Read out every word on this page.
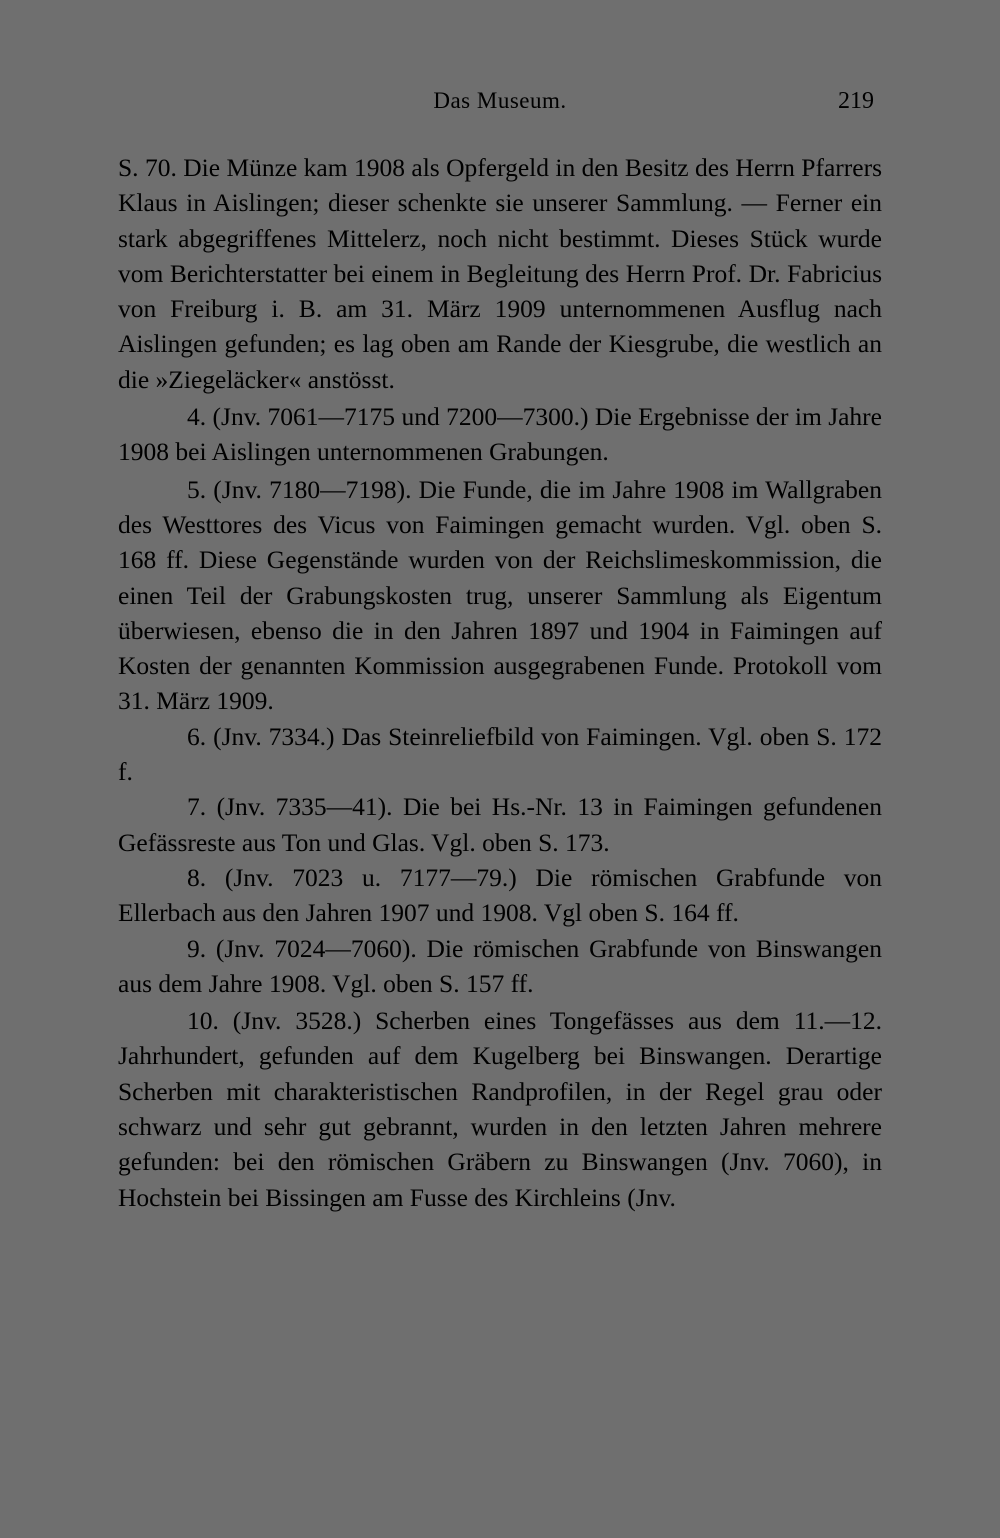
Das Museum.	219

S. 70. Die Münze kam 1908 als Opfergeld in den Besitz des Herrn Pfarrers Klaus in Aislingen; dieser schenkte sie unserer Sammlung. — Ferner ein stark abgegriffenes Mittelerz, noch nicht bestimmt. Dieses Stück wurde vom Berichterstatter bei einem in Begleitung des Herrn Prof. Dr. Fabricius von Freiburg i. B. am 31. März 1909 unternommenen Ausflug nach Aislingen gefunden; es lag oben am Rande der Kiesgrube, die westlich an die »Ziegeläcker« anstösst.

4. (Jnv. 7061—7175 und 7200—7300.) Die Ergebnisse der im Jahre 1908 bei Aislingen unternommenen Grabungen.

5. (Jnv. 7180—7198). Die Funde, die im Jahre 1908 im Wallgraben des Westtores des Vicus von Faimingen gemacht wurden. Vgl. oben S. 168 ff. Diese Gegenstände wurden von der Reichslimeskommission, die einen Teil der Grabungskosten trug, unserer Sammlung als Eigentum überwiesen, ebenso die in den Jahren 1897 und 1904 in Faimingen auf Kosten der genannten Kommission ausgegrabenen Funde. Protokoll vom 31. März 1909.

6. (Jnv. 7334.) Das Steinreliefbild von Faimingen. Vgl. oben S. 172 f.

7. (Jnv. 7335—41). Die bei Hs.-Nr. 13 in Faimingen gefundenen Gefässreste aus Ton und Glas. Vgl. oben S. 173.

8. (Jnv. 7023 u. 7177—79.) Die römischen Grabfunde von Ellerbach aus den Jahren 1907 und 1908. Vgl oben S. 164 ff.

9. (Jnv. 7024—7060). Die römischen Grabfunde von Binswangen aus dem Jahre 1908. Vgl. oben S. 157 ff.

10. (Jnv. 3528.) Scherben eines Tongefässes aus dem 11.—12. Jahrhundert, gefunden auf dem Kugelberg bei Binswangen. Derartige Scherben mit charakteristischen Randprofilen, in der Regel grau oder schwarz und sehr gut gebrannt, wurden in den letzten Jahren mehrere gefunden: bei den römischen Gräbern zu Binswangen (Jnv. 7060), in Hochstein bei Bissingen am Fusse des Kirchleins (Jnv.
